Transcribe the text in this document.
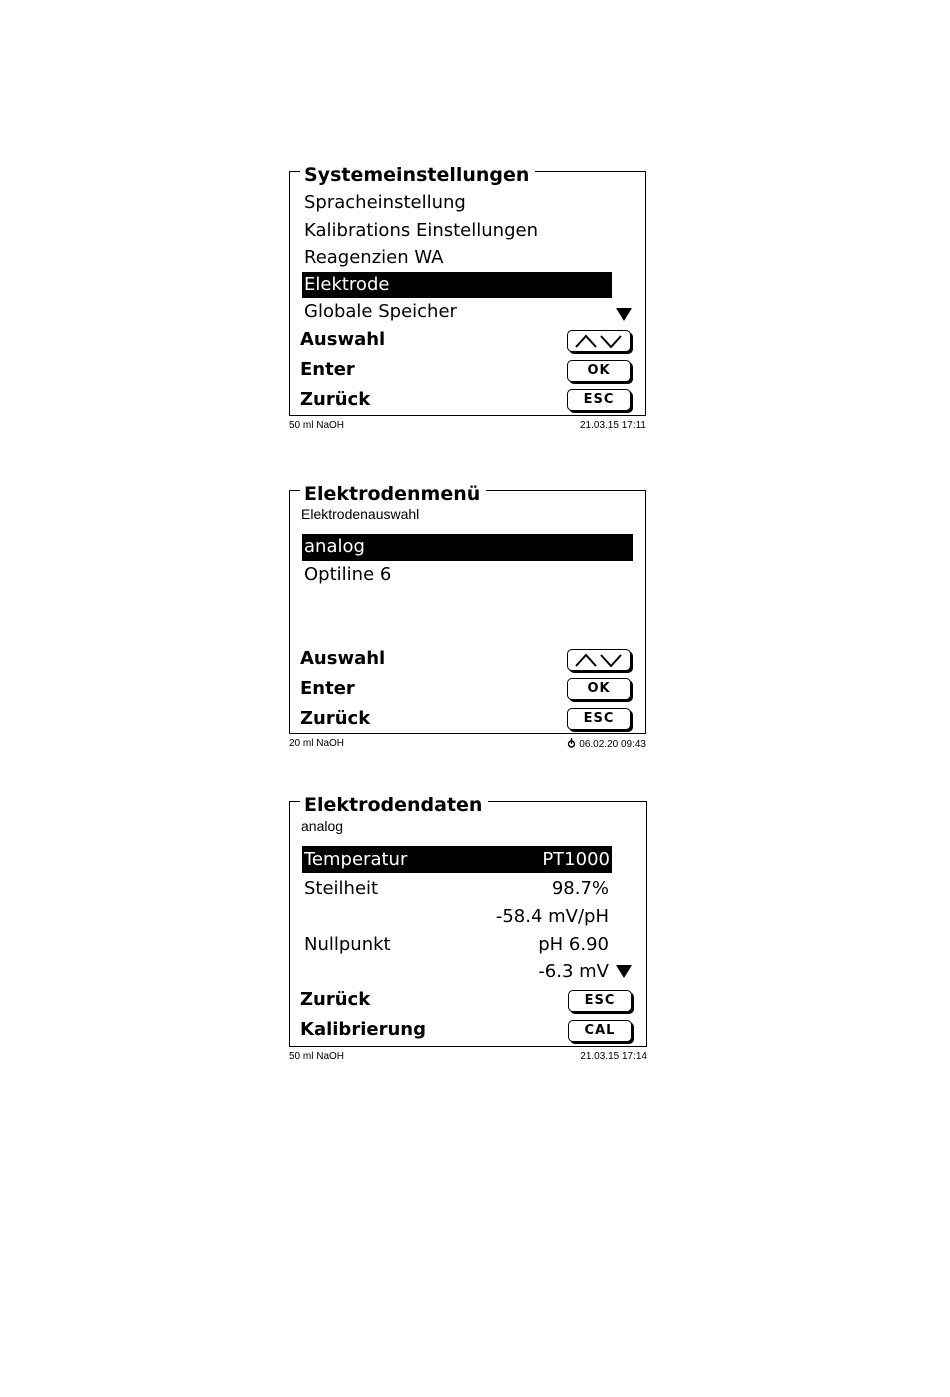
Systemeinstellungen
Spracheinstellung
Kalibrations Einstellungen
Reagenzien WA
Elektrode
Globale Speicher
Auswahl
Enter	OK
Zurück	ESC
50 ml NaOH	21.03.15 17:11
Elektrodenmenü
Elektrodenauswahl
analog
Optiline 6
Auswahl
Enter	OK
Zurück	ESC
20 ml NaOH	06.02.20 09:43
Elektrodendaten
analog
Temperatur	PT1000
Steilheit	98.7%
-58.4 mV/pH
Nullpunkt	pH 6.90
-6.3 mV
Zurück	ESC
Kalibrierung	CAL
50 ml NaOH	21.03.15 17:14
